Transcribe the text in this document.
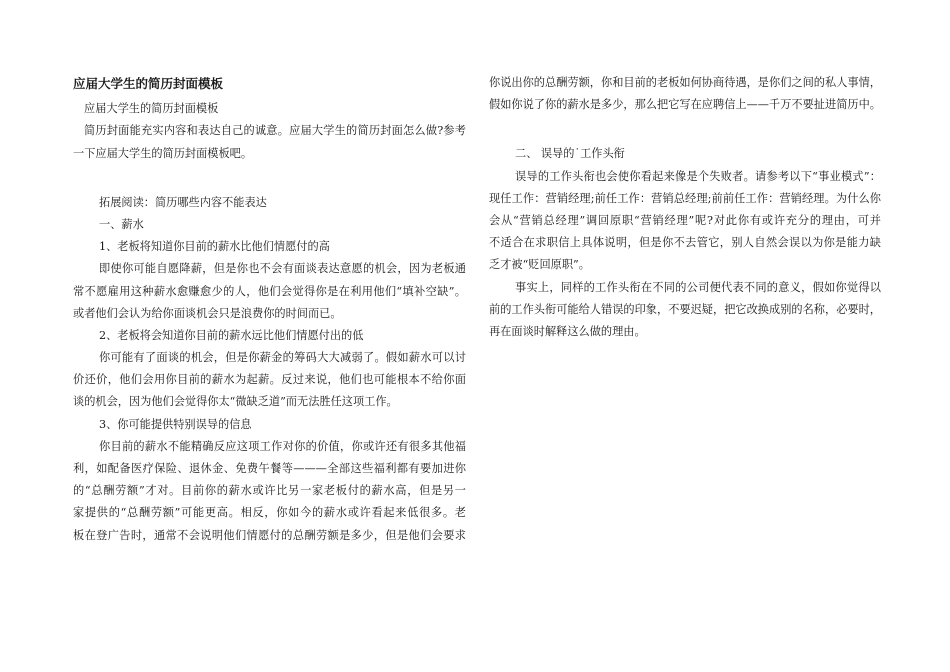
应届大学生的简历封面模板
应届大学生的简历封面模板
简历封面能充实内容和表达自己的诚意。应届大学生的简历封面怎么做?参考
一下应届大学生的简历封面模板吧。
拓展阅读：简历哪些内容不能表达
一、薪水
1、老板将知道你目前的薪水比他们情愿付的高
即使你可能自愿降薪，但是你也不会有面谈表达意愿的机会，因为老板通
常不愿雇用这种薪水愈赚愈少的人，他们会觉得你是在利用他们“填补空缺”。
或者他们会认为给你面谈机会只是浪费你的时间而已。
2、老板将会知道你目前的薪水远比他们情愿付出的低
你可能有了面谈的机会，但是你薪金的筹码大大减弱了。假如薪水可以讨
价还价，他们会用你目前的薪水为起薪。反过来说，他们也可能根本不给你面
谈的机会，因为他们会觉得你太“微缺乏道”而无法胜任这项工作。
3、你可能提供特别误导的信息
你目前的薪水不能精确反应这项工作对你的价值，你或许还有很多其他福
利，如配备医疗保险、退休金、免费午餐等———全部这些福利都有要加进你
的“总酬劳额”才对。目前你的薪水或许比另一家老板付的薪水高，但是另一
家提供的“总酬劳额”可能更高。相反，你如今的薪水或许看起来低很多。老
板在登广告时，通常不会说明他们情愿付的总酬劳额是多少，但是他们会要求
你说出你的总酬劳额，你和目前的老板如何协商待遇，是你们之间的私人事情，
假如你说了你的薪水是多少，那么把它写在应聘信上——千万不要扯进简历中。
二、 误导的˙工作头衔
误导的工作头衔也会使你看起来像是个失败者。请参考以下“事业模式”：
现任工作：营销经理;前任工作：营销总经理;前前任工作：营销经理。为什么你
会从“营销总经理”调回原职“营销经理”呢?对此你有或许充分的理由，可并
不适合在求职信上具体说明，但是你不去管它，别人自然会误以为你是能力缺
乏才被“贬回原职”。
事实上，同样的工作头衔在不同的公司便代表不同的意义，假如你觉得以
前的工作头衔可能给人错误的印象，不要迟疑，把它改换成别的名称，必要时，
再在面谈时解释这么做的理由。
